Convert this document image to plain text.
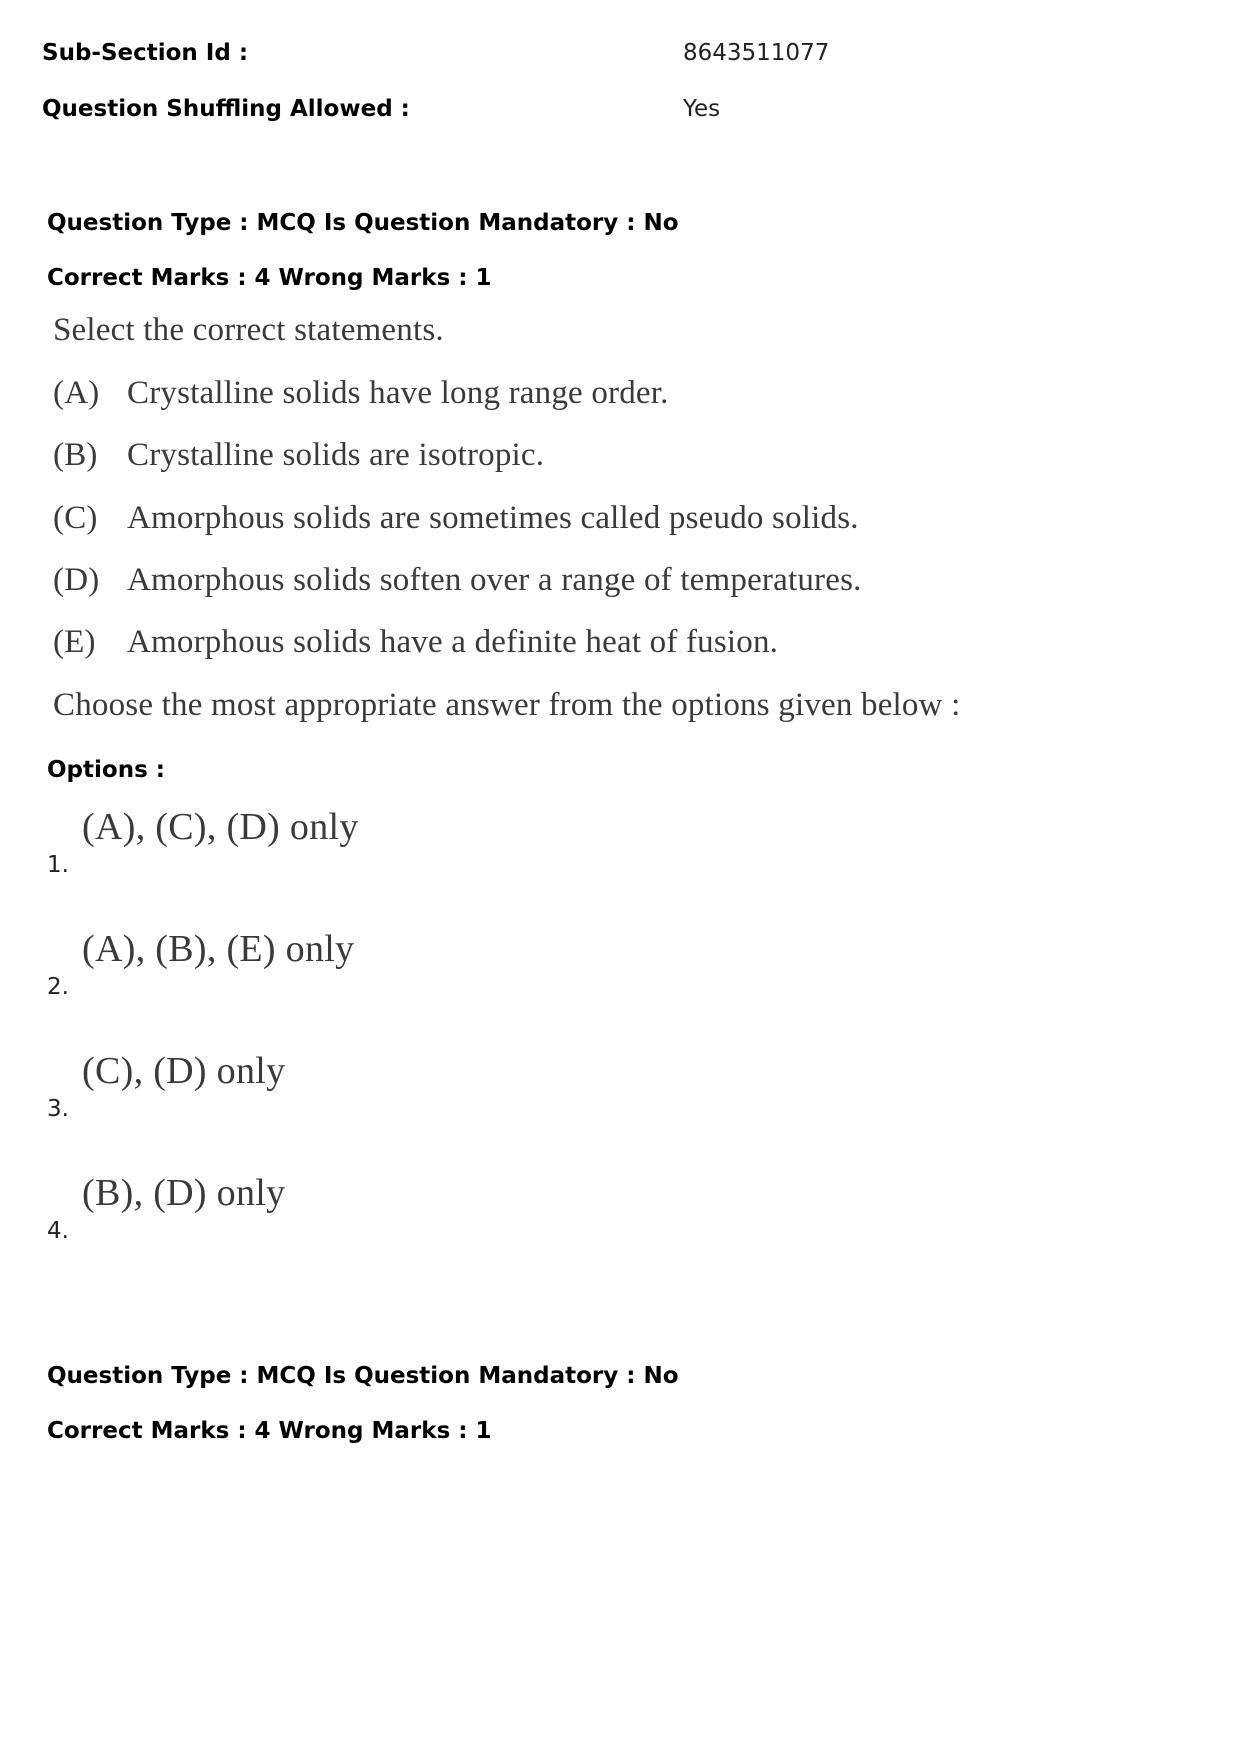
Sub-Section Id :	8643511077
Question Shuffling Allowed :	Yes
Question Type : MCQ Is Question Mandatory : No
Correct Marks : 4 Wrong Marks : 1
Select the correct statements.
(A) Crystalline solids have long range order.
(B) Crystalline solids are isotropic.
(C) Amorphous solids are sometimes called pseudo solids.
(D) Amorphous solids soften over a range of temperatures.
(E) Amorphous solids have a definite heat of fusion.
Choose the most appropriate answer from the options given below :
Options :
1. (A), (C), (D) only
2. (A), (B), (E) only
3. (C), (D) only
4. (B), (D) only
Question Type : MCQ Is Question Mandatory : No
Correct Marks : 4 Wrong Marks : 1
